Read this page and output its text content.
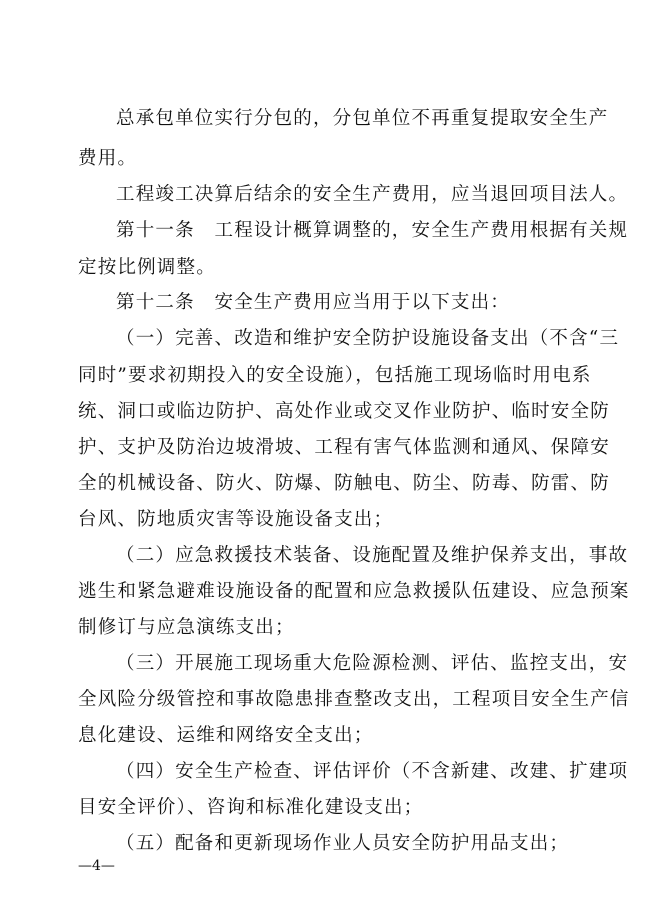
总承包单位实行分包的，分包单位不再重复提取安全生产
费用。
工程竣工决算后结余的安全生产费用，应当退回项目法人。
第十一条　工程设计概算调整的，安全生产费用根据有关规
定按比例调整。
第十二条　安全生产费用应当用于以下支出：
（一）完善、改造和维护安全防护设施设备支出（不含“三
同时”要求初期投入的安全设施），包括施工现场临时用电系
统、洞口或临边防护、高处作业或交叉作业防护、临时安全防
护、支护及防治边坡滑坡、工程有害气体监测和通风、保障安
全的机械设备、防火、防爆、防触电、防尘、防毒、防雷、防
台风、防地质灾害等设施设备支出；
（二）应急救援技术装备、设施配置及维护保养支出，事故
逃生和紧急避难设施设备的配置和应急救援队伍建设、应急预案
制修订与应急演练支出；
（三）开展施工现场重大危险源检测、评估、监控支出，安
全风险分级管控和事故隐患排查整改支出，工程项目安全生产信
息化建设、运维和网络安全支出；
（四）安全生产检查、评估评价（不含新建、改建、扩建项
目安全评价）、咨询和标准化建设支出；
（五）配备和更新现场作业人员安全防护用品支出；
—4—
